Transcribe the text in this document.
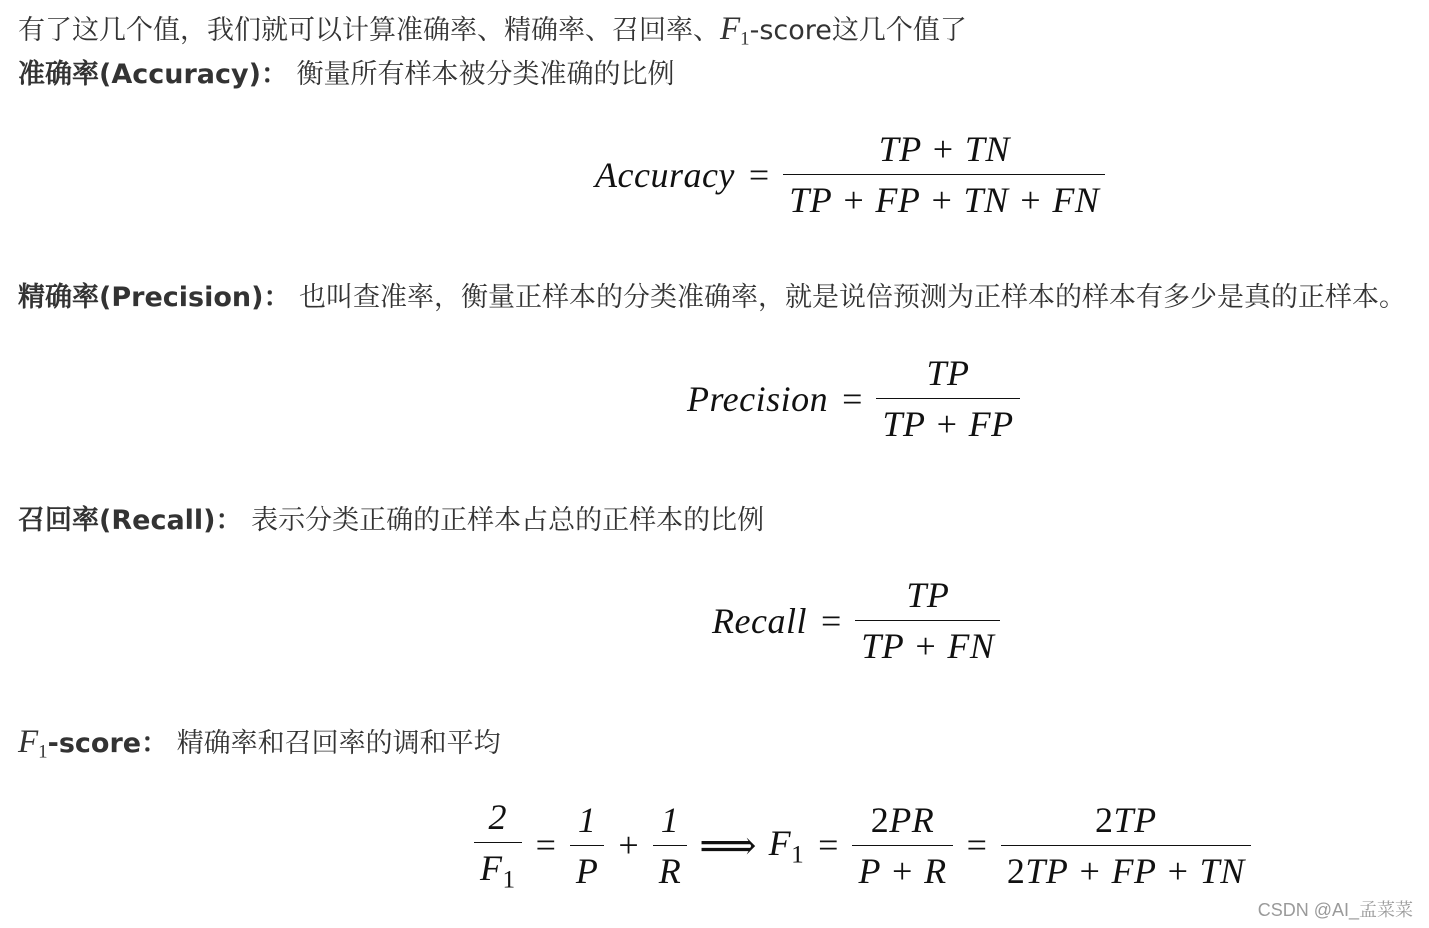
有了这几个值，我们就可以计算准确率、精确率、召回率、$F_1$-score这几个值了
准确率(Accuracy)： 衡量所有样本被分类准确的比例
Accuracy = $\frac{TP + TN}{TP + FP + TN + FN}$
精确率(Precision)： 也叫查准率，衡量正样本的分类准确率，就是说倍预测为正样本的样本有多少是真的正样本。
Precision = $\frac{TP}{TP + FP}$
召回率(Recall)： 表示分类正确的正样本占总的正样本的比例
Recall = $\frac{TP}{TP + FN}$
$F_1$-score： 精确率和召回率的调和平均
$\frac{2}{F_1} = \frac{1}{P} + \frac{1}{R}$ ⟹ $F_1 = \frac{2PR}{P + R} = \frac{2TP}{2TP + FP + TN}$
CSDN @AI_孟菜菜
